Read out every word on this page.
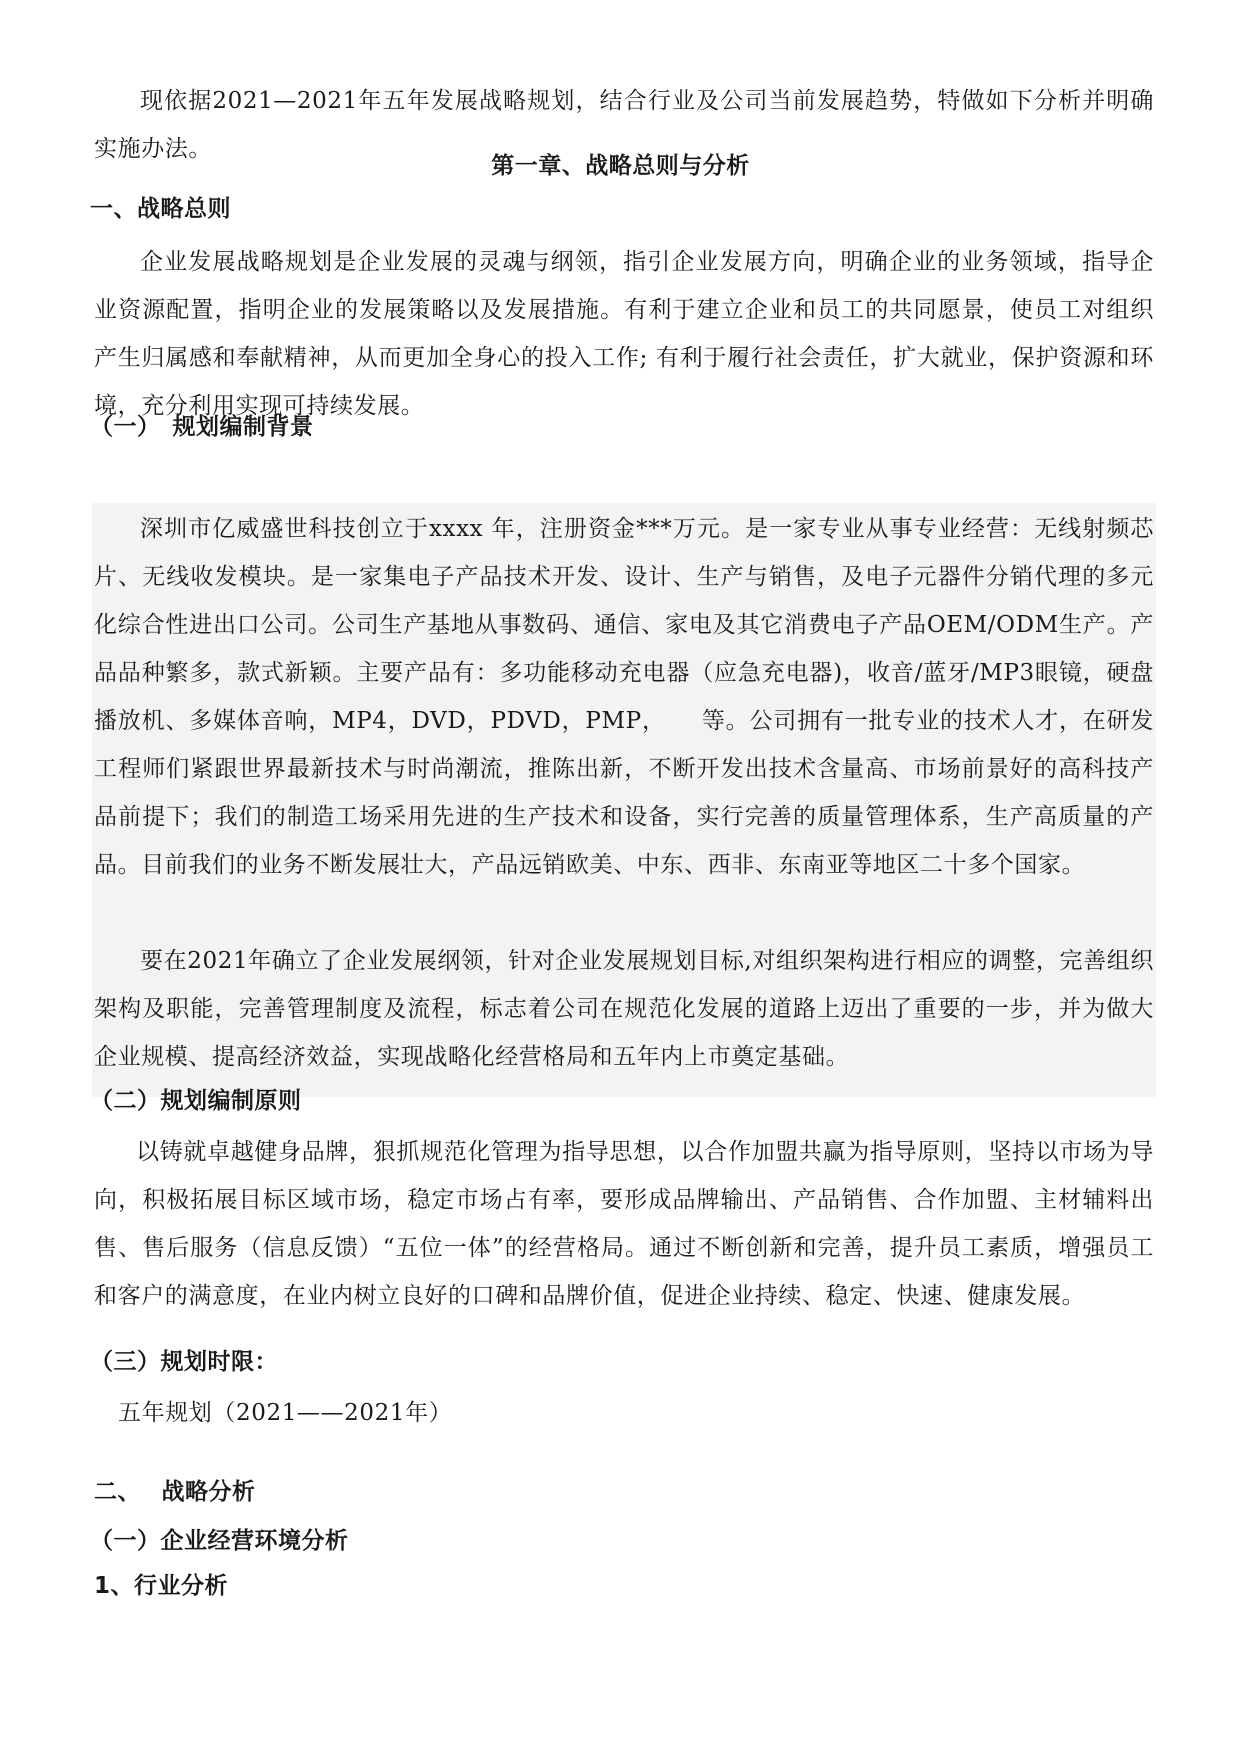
现依据2021—2021年五年发展战略规划，结合行业及公司当前发展趋势，特做如下分析并明确实施办法。

第一章、战略总则与分析

一、战略总则

企业发展战略规划是企业发展的灵魂与纲领，指引企业发展方向，明确企业的业务领域，指导企业资源配置，指明企业的发展策略以及发展措施。有利于建立企业和员工的共同愿景，使员工对组织产生归属感和奉献精神，从而更加全身心的投入工作; 有利于履行社会责任，扩大就业，保护资源和环境，充分利用实现可持续发展。

（一）　规划编制背景

深圳市亿威盛世科技创立于xxxx 年，注册资金***万元。是一家专业从事专业经营：无线射频芯片、无线收发模块。是一家集电子产品技术开发、设计、生产与销售，及电子元器件分销代理的多元化综合性进出口公司。公司生产基地从事数码、通信、家电及其它消费电子产品OEM/ODM生产。产品品种繁多，款式新颖。主要产品有：多功能移动充电器（应急充电器)，收音/蓝牙/MP3眼镜，硬盘播放机、多媒体音响，MP4，DVD，PDVD，PMP，　　等。公司拥有一批专业的技术人才，在研发工程师们紧跟世界最新技术与时尚潮流，推陈出新，不断开发出技术含量高、市场前景好的高科技产品前提下；我们的制造工场采用先进的生产技术和设备，实行完善的质量管理体系，生产高质量的产品。目前我们的业务不断发展壮大，产品远销欧美、中东、西非、东南亚等地区二十多个国家。

要在2021年确立了企业发展纲领，针对企业发展规划目标,对组织架构进行相应的调整，完善组织架构及职能，完善管理制度及流程，标志着公司在规范化发展的道路上迈出了重要的一步，并为做大企业规模、提高经济效益，实现战略化经营格局和五年内上市奠定基础。

（二）规划编制原则

以铸就卓越健身品牌，狠抓规范化管理为指导思想，以合作加盟共赢为指导原则，坚持以市场为导向，积极拓展目标区域市场，稳定市场占有率，要形成品牌输出、产品销售、合作加盟、主材辅料出售、售后服务（信息反馈）“五位一体”的经营格局。通过不断创新和完善，提升员工素质，增强员工和客户的满意度，在业内树立良好的口碑和品牌价值，促进企业持续、稳定、快速、健康发展。

（三）规划时限：

五年规划（2021——2021年）

二、　 战略分析

（一）企业经营环境分析

1、行业分析
